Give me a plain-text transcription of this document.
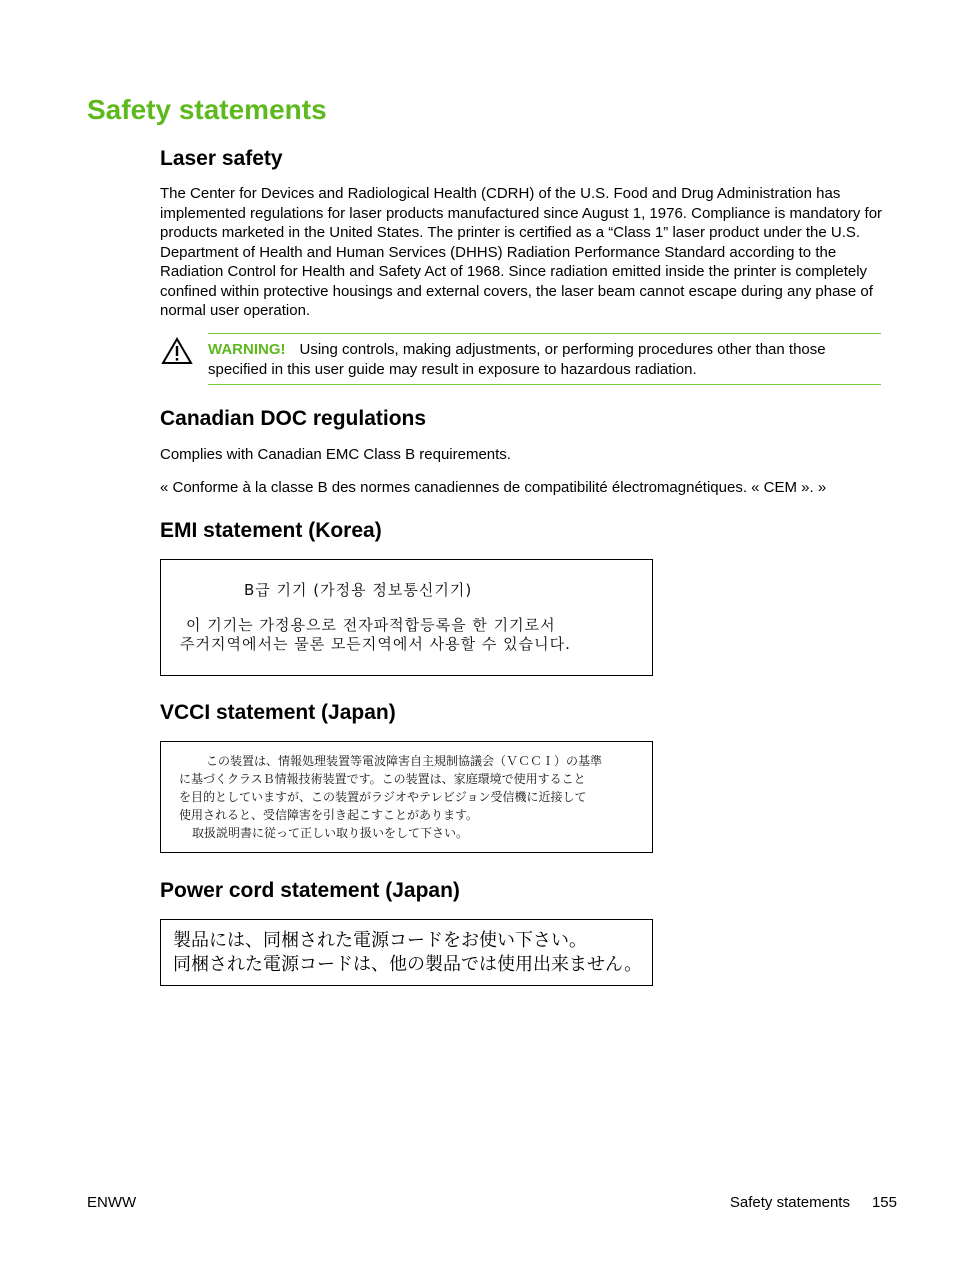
Safety statements
Laser safety

The Center for Devices and Radiological Health (CDRH) of the U.S. Food and Drug Administration has implemented regulations for laser products manufactured since August 1, 1976. Compliance is mandatory for products marketed in the United States. The printer is certified as a “Class 1” laser product under the U.S. Department of Health and Human Services (DHHS) Radiation Performance Standard according to the Radiation Control for Health and Safety Act of 1968. Since radiation emitted inside the printer is completely confined within protective housings and external covers, the laser beam cannot escape during any phase of normal user operation.

WARNING! Using controls, making adjustments, or performing procedures other than those specified in this user guide may result in exposure to hazardous radiation.

Canadian DOC regulations

Complies with Canadian EMC Class B requirements.

« Conforme à la classe B des normes canadiennes de compatibilité électromagnétiques. « CEM ». »

EMI statement (Korea)

B급 기기 (가정용 정보통신기기)

이 기기는 가정용으로 전자파적합등록을 한 기기로서

주거지역에서는 물론 모든지역에서 사용할 수 있습니다.

VCCI statement (Japan)

この装置は、情報処理装置等電波障害自主規制協議会（ＶＣＣＩ）の基準

に基づくクラスＢ情報技術装置です。この装置は、家庭環境で使用すること

を目的としていますが、この装置がラジオやテレビジョン受信機に近接して

使用されると、受信障害を引き起こすことがあります。

取扱説明書に従って正しい取り扱いをして下さい。

Power cord statement (Japan)

製品には、同梱された電源コードをお使い下さい。

同梱された電源コードは、他の製品では使用出来ません。

ENWW	Safety statements 155
